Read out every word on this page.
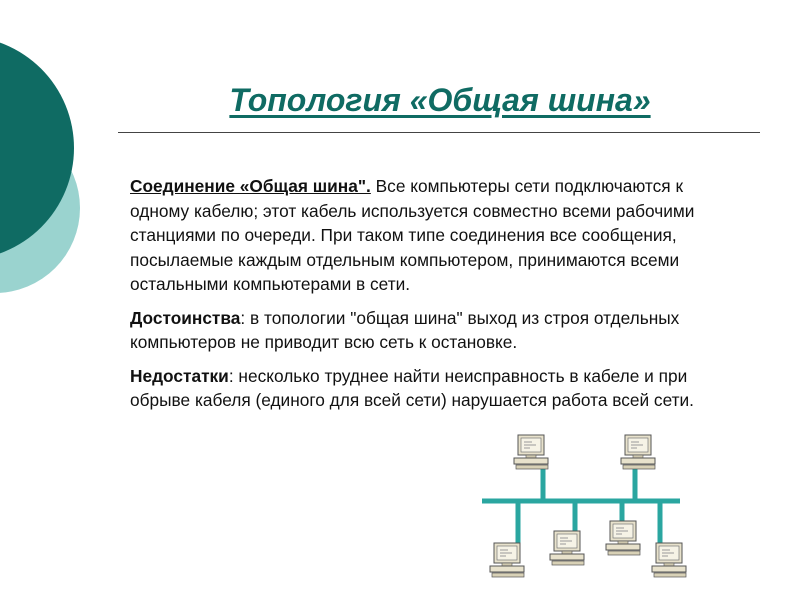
Топология «Общая шина»

Соединение «Общая шина". Все компьютеры сети подключаются к одному кабелю; этот кабель используется совместно всеми рабочими станциями по очереди. При таком типе соединения все сообщения, посылаемые каждым отдельным компьютером, принимаются всеми остальными компьютерами в сети.

Достоинства: в топологии "общая шина" выход из строя отдельных компьютеров не приводит всю сеть к остановке.

Недостатки: несколько труднее найти неисправность в кабеле и при обрыве кабеля (единого для всей сети) нарушается работа всей сети.
